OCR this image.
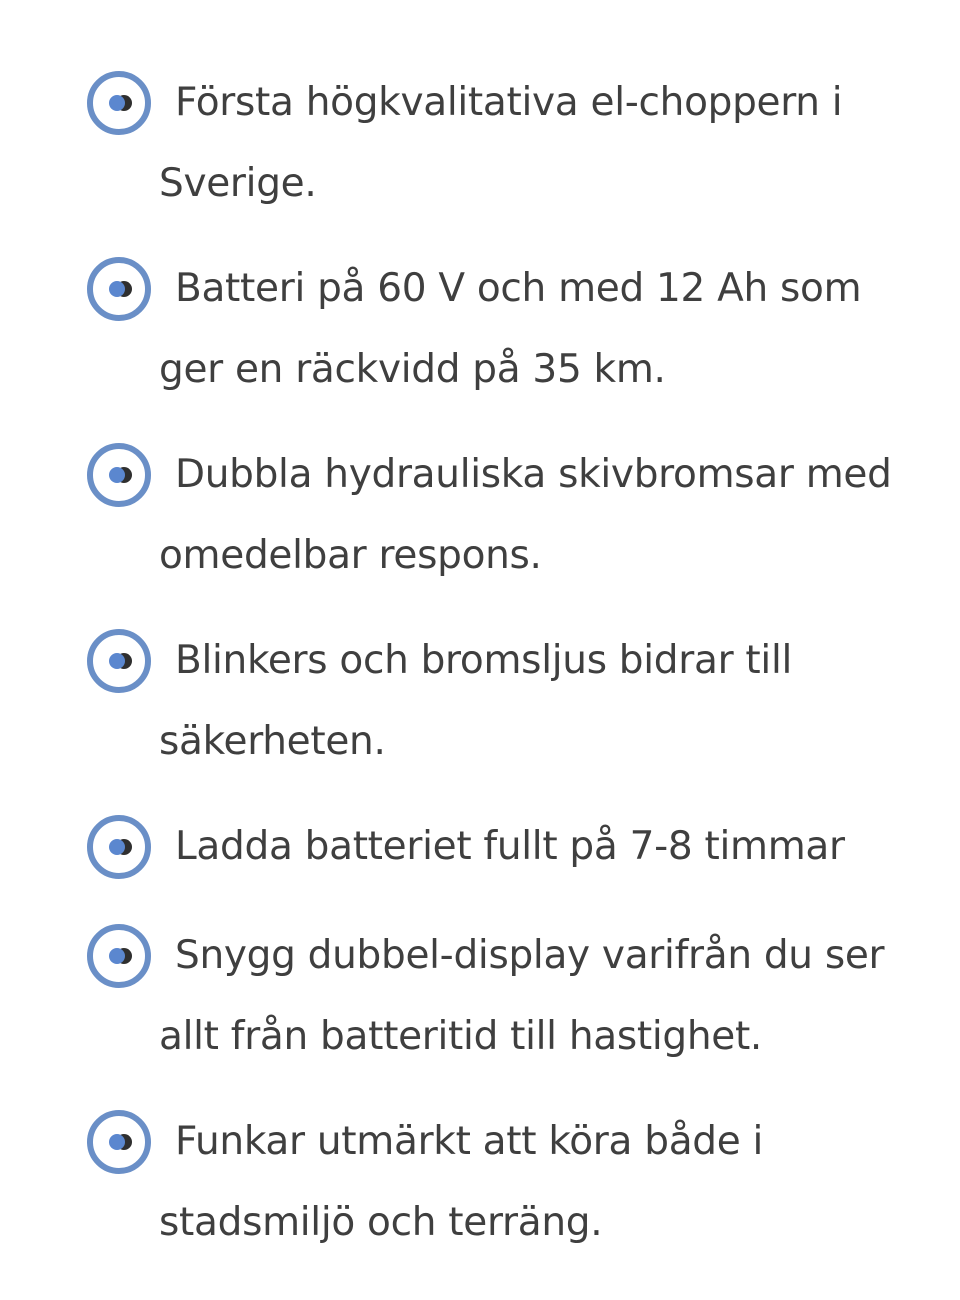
Första högkvalitativa el-choppern i Sverige.
Batteri på 60 V och med 12 Ah som ger en räckvidd på 35 km.
Dubbla hydrauliska skivbromsar med omedelbar respons.
Blinkers och bromsljus bidrar till säkerheten.
Ladda batteriet fullt på 7-8 timmar
Snygg dubbel-display varifrån du ser allt från batteritid till hastighet.
Funkar utmärkt att köra både i stadsmiljö och terräng.
